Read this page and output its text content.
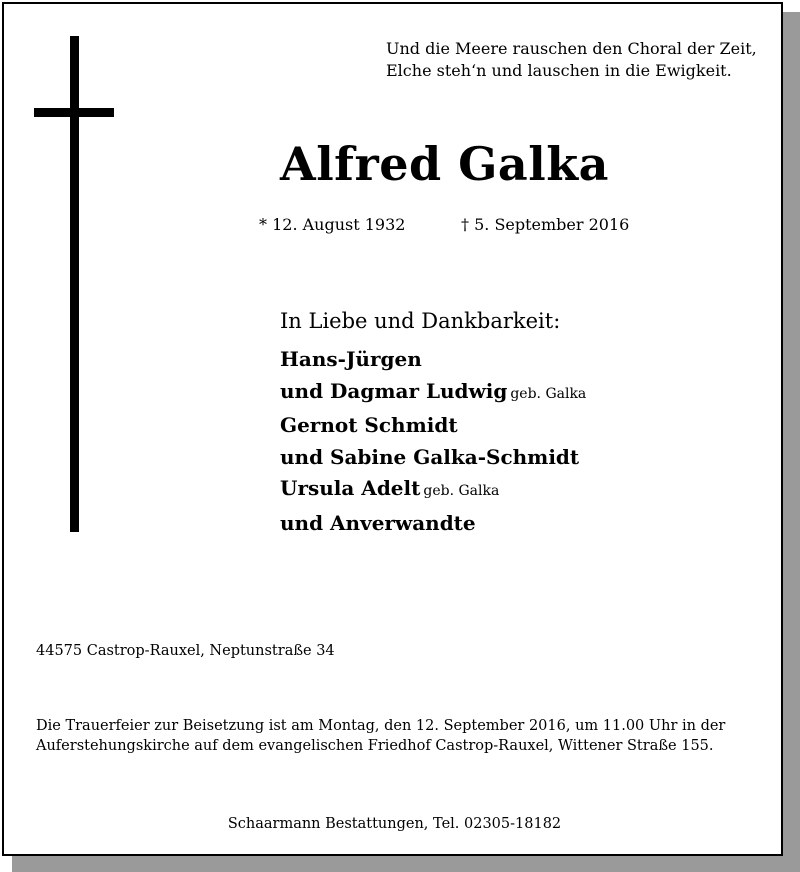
Und die Meere rauschen den Choral der Zeit,
Elche steh‘n und lauschen in die Ewigkeit.
Alfred Galka
* 12. August 1932	† 5. September 2016
In Liebe und Dankbarkeit:
Hans-Jürgen
und Dagmar Ludwig geb. Galka
Gernot Schmidt
und Sabine Galka-Schmidt
Ursula Adelt geb. Galka
und Anverwandte
44575 Castrop-Rauxel, Neptunstraße 34
Die Trauerfeier zur Beisetzung ist am Montag, den 12. September 2016, um 11.00 Uhr in der
Auferstehungskirche auf dem evangelischen Friedhof Castrop-Rauxel, Wittener Straße 155.
Schaarmann Bestattungen, Tel. 02305-18182
